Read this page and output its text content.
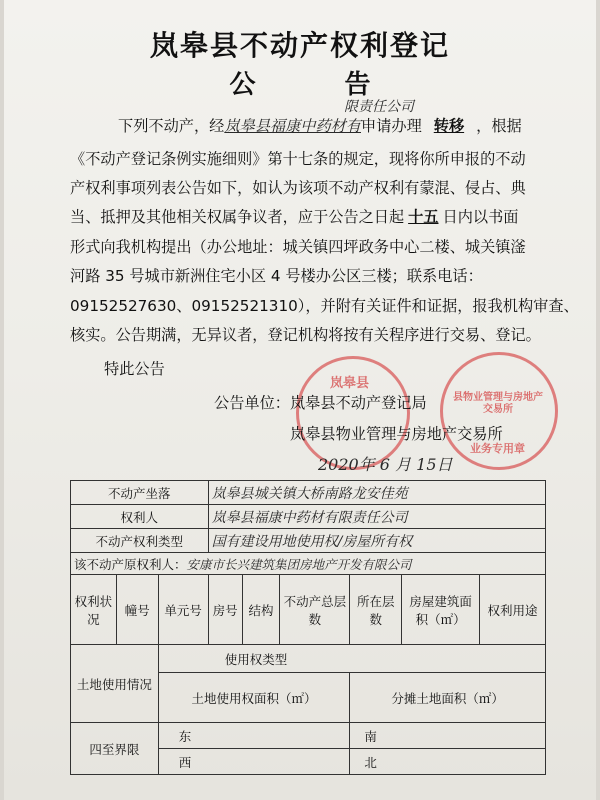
岚皋县不动产权利登记
公 告
下列不动产，经岚皋县福康中药材有申请办理 转移 ，根据
限责任公司
《不动产登记条例实施细则》第十七条的规定，现将你所申报的不动
产权利事项列表公告如下，如认为该项不动产权利有蒙混、侵占、典
当、抵押及其他相关权属争议者，应于公告之日起 十五 日内以书面
形式向我机构提出（办公地址：城关镇四坪政务中心二楼、城关镇滏
河路 35 号城市新洲住宅小区 4 号楼办公区三楼；联系电话：
09152527630、09152521310），并附有关证件和证据，报我机构审查、
核实。公告期满，无异议者，登记机构将按有关程序进行交易、登记。
特此公告
岚皋县
县物业管理与房地产交易所
业务专用章
公告单位：岚皋县不动产登记局
岚皋县物业管理与房地产交易所
2020年 6 月 15日
不动产坐落			岚皋县城关镇大桥南路龙安佳苑					
权利人			岚皋县福康中药材有限责任公司					
不动产权利类型			国有建设用地使用权/房屋所有权					
该不动产原权利人：安康市长兴建筑集团房地产开发有限公司								
权利状况	幢号	单元号	房号	结构	不动产总层数	所在层数	房屋建筑面积（㎡）	权利用途
土地使用情况		使用权类型						
		土地使用权面积（㎡）				分摊土地面积（㎡）		
四至界限		东				南		
		西				北		
